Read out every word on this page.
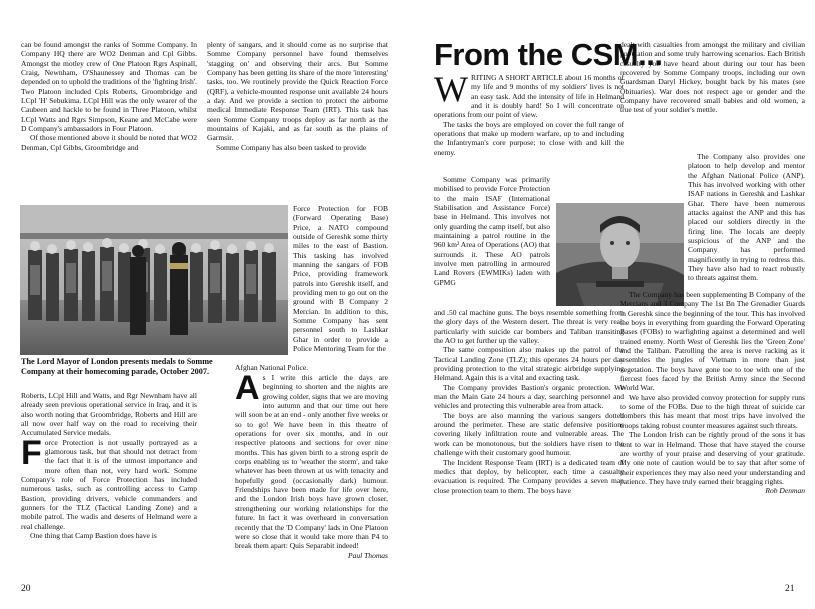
can be found amongst the ranks of Somme Company. In Company HQ there are WO2 Denman and Cpl Gibbs. Amongst the motley crew of One Platoon Rgrs Aspinall, Craig, Newnham, O'Shaunessey and Thomas can be depended on to uphold the traditions of the 'fighting Irish'. Two Platoon included Cpls Roberts, Groombridge and LCpl 'H' Sebukima. LCpl Hill was the only wearer of the Caubeen and hackle to be found in Three Platoon, whilst LCpl Watts and Rgrs Simpson, Keane and McCabe were D Company's ambassadors in Four Platoon.

Of those mentioned above it should be noted that WO2 Denman, Cpl Gibbs, Groombridge and

plenty of sangars, and it should come as no surprise that Somme Company personnel have found themselves 'stagging on' and observing their arcs. But Somme Company has been getting its share of the more 'interesting' tasks, too. We routinely provide the Quick Reaction Force (QRF), a vehicle-mounted response unit available 24 hours a day. And we provide a section to protect the airborne medical Immediate Response Team (IRT). This task has seen Somme Company troops deploy as far north as the mountains of Kajaki, and as far south as the plains of Garmsir.

Somme Company has also been tasked to provide

The Lord Mayor of London presents medals to Somme Company at their homecoming parade, October 2007.

Force Protection for FOB (Forward Operating Base) Price, a NATO compound outside of Gereshk some thirty miles to the east of Bastion. This tasking has involved manning the sangars of FOB Price, providing framework patrols into Gereshk itself, and providing men to go out on the ground with B Company 2 Mercian. In addition to this, Somme Company has sent personnel south to Lashkar Ghar in order to provide a Police Mentoring Team for the

Afghan National Police.

Roberts, LCpl Hill and Watts, and Rgr Newnham have all already seen previous operational service in Iraq, and it is also worth noting that Groombridge, Roberts and Hill are all now over half way on the road to receiving their Accumulated Service medals.

Force Protection is not usually portrayed as a glamorous task, but that should not detract from the fact that it is of the utmost importance and more often than not, very hard work. Somme Company's role of Force Protection has included numerous tasks, such as controlling access to Camp Bastion, providing drivers, vehicle commanders and gunners for the TLZ (Tactical Landing Zone) and a mobile patrol. The wadis and deserts of Helmand were a real challenge.

One thing that Camp Bastion does have is

As I write this article the days are beginning to shorten and the nights are growing colder, signs that we are moving into autumn and that our time out here will soon be at an end - only another five weeks or so to go! We have been in this theatre of operations for over six months, and in our respective platoons and sections for over nine months. This has given birth to a strong esprit de corps enabling us to 'weather the storm', and take whatever has been thrown at us with tenacity and hopefully good (occasionally dark) humour. Friendships have been made for life over here, and the London Irish boys have grown closer, strengthening our working relationships for the future. In fact it was overheard in conversation recently that the 'D Company' lads in One Platoon were so close that it would take more than P4 to break them apart: Quis Separabit indeed!
Paul Thomas

20
From the CSM...

WRITING A SHORT ARTICLE about 16 months of my life and 9 months of my soldiers' lives is not an easy task. Add the intensity of life in Helmand and it is doubly hard! So I will concentrate on operations from our point of view.

The tasks the boys are employed on cover the full range of operations that make up modern warfare, up to and including the Infantryman's core purpose; to close with and kill the enemy.

Somme Company was primarily mobilised to provide Force Protection to the main ISAF (International Stabilisation and Assistance Force) base in Helmand. This involves not only guarding the camp itself, but also maintaining a patrol routine in the 960 km² Area of Operations (AO) that surrounds it. These AO patrols involve men patrolling in armoured Land Rovers (EWMIKs) laden with GPMG

and .50 cal machine guns. The boys resemble something from the glory days of the Western desert. The threat is very real, particularly with suicide car bombers and Taliban transiting the AO to get further up the valley.

The same composition also makes up the patrol of the Tactical Landing Zone (TLZ); this operates 24 hours per day providing protection to the vital strategic airbridge supplying Helmand. Again this is a vital and exacting task.

The Company provides Bastion's organic protection. We man the Main Gate 24 hours a day, searching personnel and vehicles and protecting this vulnerable area from attack.

The boys are also manning the various sangers dotted around the perimeter. These are static defensive positions covering likely infiltration route and vulnerable areas. The work can be monotonous, but the soldiers have risen to the challenge with their customary good humour.

The Incident Response Team (IRT) is a dedicated team of medics that deploy, by helicopter, each time a casualty evacuation is required. The Company provides a seven man close protection team to them. The boys have

dealt with casualties from amongst the military and civilian population and some truly harrowing scenarios. Each British casualty you have heard about during our tour has been recovered by Somme Company troops, including our own Guardsman Daryl Hickey, bought back by his mates (see Obituaries). War does not respect age or gender and the Company have recovered small babies and old women, a true test of your soldier's mettle.

The Company also provides one platoon to help develop and mentor the Afghan National Police (ANP). This has involved working with other ISAF nations in Gereshk and Lashkar Ghar. There have been numerous attacks against the ANP and this has placed our soldiers directly in the firing line. The locals are deeply suspicious of the ANP and the Company has performed magnificently in trying to redress this. They have also had to react robustly to threats against them.

The Company has been supplementing B Company of the Mercians and 3 Company The 1st Bn The Grenadier Guards in Gereshk since the beginning of the tour. This has involved the boys in everything from guarding the Forward Operating Bases (FOBs) to warfighting against a determined and well trained enemy. North West of Gereshk lies the 'Green Zone' and the Taliban. Patrolling the area is nerve racking as it resembles the jungles of Vietnam in more than just vegetation. The boys have gone toe to toe with one of the fiercest foes faced by the British Army since the Second World War.

We have also provided convoy protection for supply runs to some of the FOBs. Due to the high threat of suicide car bombers this has meant that most trips have involved the troops taking robust counter measures against such threats.

The London Irish can be rightly proud of the sons it has sent to war in Helmand. Those that have stayed the course are worthy of your praise and deserving of your gratitude. My one note of caution would be to say that after some of their experiences they may also need your understanding and patience. They have truly earned their bragging rights.

Rob Denman

21
